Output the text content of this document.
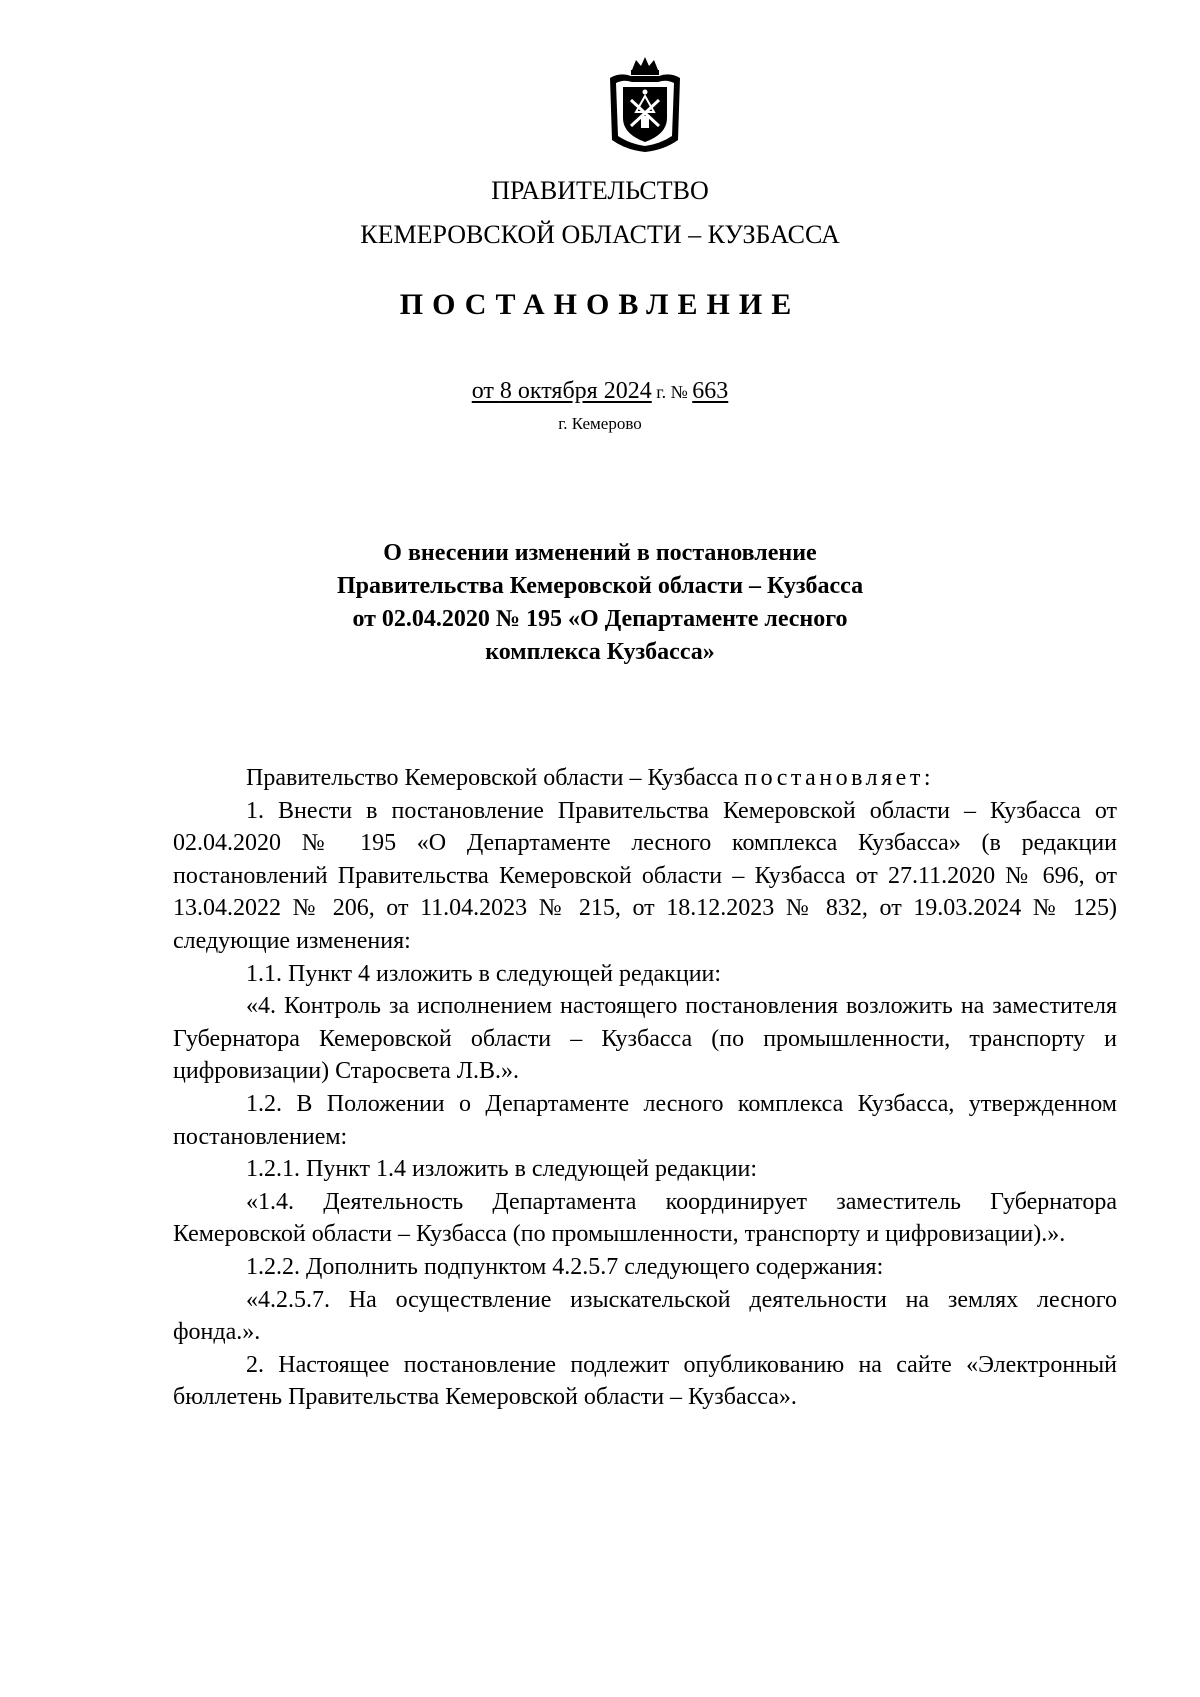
ПРАВИТЕЛЬСТВО
КЕМЕРОВСКОЙ ОБЛАСТИ – КУЗБАССА
ПОСТАНОВЛЕНИЕ
от 8 октября 2024 г. № 663
г. Кемерово
О внесении изменений в постановление
Правительства Кемеровской области – Кузбасса
от 02.04.2020 № 195 «О Департаменте лесного
комплекса Кузбасса»

Правительство Кемеровской области – Кузбасса постановляет:

1. Внести в постановление Правительства Кемеровской области – Кузбасса от 02.04.2020 № 195 «О Департаменте лесного комплекса Кузбасса» (в редакции постановлений Правительства Кемеровской области – Кузбасса от 27.11.2020 № 696, от 13.04.2022 № 206, от 11.04.2023 № 215, от 18.12.2023 № 832, от 19.03.2024 № 125) следующие изменения:

1.1. Пункт 4 изложить в следующей редакции:

«4. Контроль за исполнением настоящего постановления возложить на заместителя Губернатора Кемеровской области – Кузбасса (по промышленности, транспорту и цифровизации) Старосвета Л.В.».

1.2. В Положении о Департаменте лесного комплекса Кузбасса, утвержденном постановлением:

1.2.1. Пункт 1.4 изложить в следующей редакции:

«1.4. Деятельность Департамента координирует заместитель Губернатора Кемеровской области – Кузбасса (по промышленности, транспорту и цифровизации).».

1.2.2. Дополнить подпунктом 4.2.5.7 следующего содержания:

«4.2.5.7. На осуществление изыскательской деятельности на землях лесного фонда.».

2. Настоящее постановление подлежит опубликованию на сайте «Электронный бюллетень Правительства Кемеровской области – Кузбасса».
